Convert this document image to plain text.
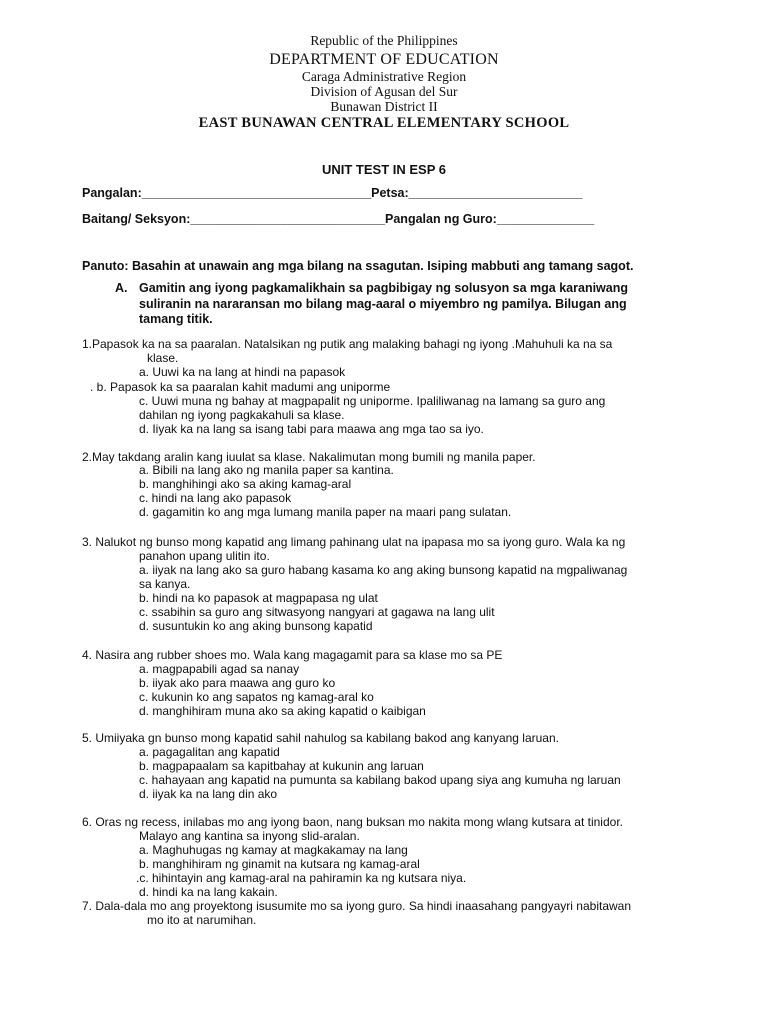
Republic of the Philippines
DEPARTMENT OF EDUCATION
Caraga Administrative Region
Division of Agusan del Sur
Bunawan District II
EAST BUNAWAN CENTRAL ELEMENTARY SCHOOL
UNIT TEST IN ESP 6
Pangalan:_________________________________Petsa:_________________________
Baitang/ Seksyon:____________________________Pangalan ng Guro:______________
Panuto: Basahin at unawain ang mga bilang na ssagutan. Isiping mabbuti ang tamang sagot.
A. Gamitin ang iyong pagkamalikhain sa pagbibigay ng solusyon sa mga karaniwang suliranin na nararansan mo bilang mag-aaral o miyembro ng pamilya. Bilugan ang tamang titik.
1.Papasok ka na sa paaralan. Natalsikan ng putik ang malaking bahagi ng iyong .Mahuhuli ka na sa
klase.
a. Uuwi ka na lang at hindi na papasok
. b. Papasok ka sa paaralan kahit madumi ang uniporme
c. Uuwi muna ng bahay at magpapalit ng uniporme. Ipaliliwanag na lamang sa guro ang
dahilan ng iyong pagkakahuli sa klase.
d. Iiyak ka na lang sa isang tabi para maawa ang mga tao sa iyo.
2.May takdang aralin kang iuulat sa klase. Nakalimutan mong bumili ng manila paper.
a. Bibili na lang ako ng manila paper sa kantina.
b. manghihingi ako sa aking kamag-aral
c. hindi na lang ako papasok
d. gagamitin ko ang mga lumang manila paper na maari pang sulatan.
3. Nalukot ng bunso mong kapatid ang limang pahinang ulat na ipapasa mo sa iyong guro. Wala ka ng
panahon upang ulitin ito.
a. iiyak na lang ako sa guro habang kasama ko ang aking bunsong kapatid na mgpaliwanag
sa kanya.
b. hindi na ko papasok at magpapasa ng ulat
c. ssabihin sa guro ang sitwasyong nangyari at gagawa na lang ulit
d. susuntukin ko ang aking bunsong kapatid
4. Nasira ang rubber shoes mo. Wala kang magagamit para sa klase mo sa PE
a. magpapabili agad sa nanay
b. iiyak ako para maawa ang guro ko
c. kukunin ko ang sapatos ng kamag-aral ko
d. manghihiram muna ako sa aking kapatid o kaibigan
5. Umiiyaka gn bunso mong kapatid sahil nahulog sa kabilang bakod ang kanyang laruan.
a. pagagalitan ang kapatid
b. magpapaalam sa kapitbahay at kukunin ang laruan
c. hahayaan ang kapatid na pumunta sa kabilang bakod upang siya ang kumuha ng laruan
d. iiyak ka na lang din ako
6. Oras ng recess, inilabas mo ang iyong baon, nang buksan mo nakita mong wlang kutsara at tinidor.
Malayo ang kantina sa inyong slid-aralan.
a. Maghuhugas ng kamay at magkakamay na lang
b. manghihiram ng ginamit na kutsara ng kamag-aral
.c. hihintayin ang kamag-aral na pahiramin ka ng kutsara niya.
d. hindi ka na lang kakain.
7. Dala-dala mo ang proyektong isusumite mo sa iyong guro. Sa hindi inaasahang pangyayri nabitawan
mo ito at narumihan.
